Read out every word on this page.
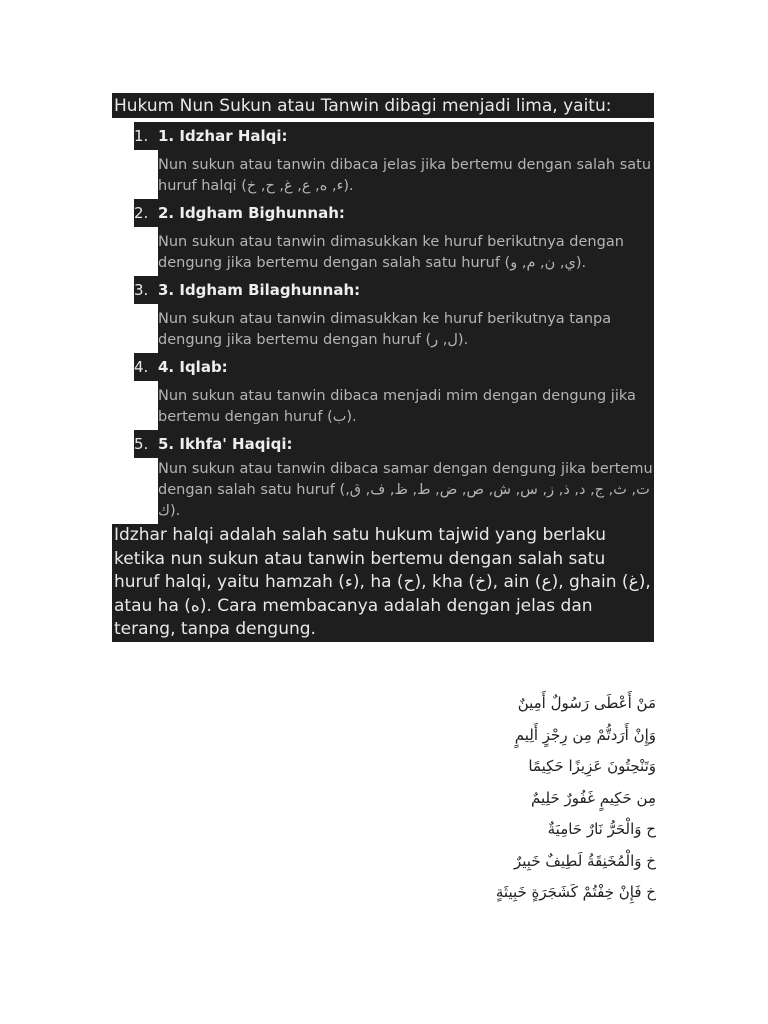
Hukum Nun Sukun atau Tanwin dibagi menjadi lima, yaitu:
1. 1. Idzhar Halqi:
Nun sukun atau tanwin dibaca jelas jika bertemu dengan salah satu huruf halqi (ء, ه, ع, غ, ح, خ).
2. 2. Idgham Bighunnah:
Nun sukun atau tanwin dimasukkan ke huruf berikutnya dengan dengung jika bertemu dengan salah satu huruf (ي, ن, م, و).
3. 3. Idgham Bilaghunnah:
Nun sukun atau tanwin dimasukkan ke huruf berikutnya tanpa dengung jika bertemu dengan huruf (ل, ر).
4. 4. Iqlab:
Nun sukun atau tanwin dibaca menjadi mim dengan dengung jika bertemu dengan huruf (ب).
5. 5. Ikhfa' Haqiqi:
Nun sukun atau tanwin dibaca samar dengan dengung jika bertemu dengan salah satu huruf (ت, ث, ج, د, ذ, ز, س, ش, ص, ض, ط, ظ, ف, ق, ك).
Idzhar halqi adalah salah satu hukum tajwid yang berlaku ketika nun sukun atau tanwin bertemu dengan salah satu huruf halqi, yaitu hamzah (ء), ha (ح), kha (خ), ain (ع), ghain (غ), atau ha (ه). Cara membacanya adalah dengan jelas dan terang, tanpa dengung.
مَنْ أَعْطَى رَسُولٌ أَمِينٌ
وَإِنْ أَرَدتُّمْ مِن رِجْزٍ أَلِيمٍ
وَتَنْحِتُونَ عَزِيزًا حَكِيمًا
مِن حَكِيمٍ غَفُورٌ حَلِيمٌ
ح وَالْحَرُّ نَارٌ حَامِيَةٌ
خ وَالْمُخَنِقَةُ لَطِيفٌ خَبِيرٌ
خ فَإِنْ خِفْتُمْ كَشَجَرَةٍ خَبِيثَةٍ
